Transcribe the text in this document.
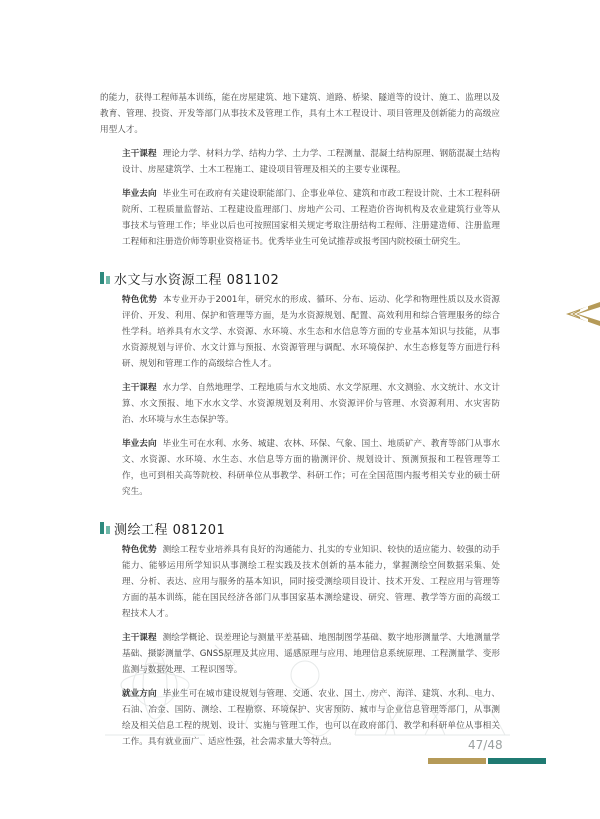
的能力，获得工程师基本训练，能在房屋建筑、地下建筑、道路、桥梁、隧道等的设计、施工、监理以及教育、管理、投资、开发等部门从事技术及管理工作，具有土木工程设计、项目管理及创新能力的高级应用型人才。

主干课程 理论力学、材料力学、结构力学、土力学、工程测量、混凝土结构原理、钢筋混凝土结构设计、房屋建筑学、土木工程施工、建设项目管理及相关的主要专业课程。

毕业去向 毕业生可在政府有关建设职能部门、企事业单位、建筑和市政工程设计院、土木工程科研院所、工程质量监督站、工程建设监理部门、房地产公司、工程造价咨询机构及农业建筑行业等从事技术与管理工作；毕业以后也可按照国家相关规定考取注册结构工程师、注册建造师、注册监理工程师和注册造价师等职业资格证书。优秀毕业生可免试推荐或报考国内院校硕士研究生。

水文与水资源工程 081102

特色优势 本专业开办于2001年，研究水的形成、循环、分布、运动、化学和物理性质以及水资源评价、开发、利用、保护和管理等方面，是为水资源规划、配置、高效利用和综合管理服务的综合性学科。培养具有水文学、水资源、水环境、水生态和水信息等方面的专业基本知识与技能，从事水资源规划与评价、水文计算与预报、水资源管理与调配、水环境保护、水生态修复等方面进行科研、规划和管理工作的高级综合性人才。

主干课程 水力学、自然地理学、工程地质与水文地质、水文学原理、水文测验、水文统计、水文计算、水文预报、地下水水文学、水资源规划及利用、水资源评价与管理、水资源利用、水灾害防治、水环境与水生态保护等。

毕业去向 毕业生可在水利、水务、城建、农林、环保、气象、国土、地质矿产、教育等部门从事水文、水资源、水环境、水生态、水信息等方面的勘测评价、规划设计、预测预报和工程管理等工作，也可到相关高等院校、科研单位从事教学、科研工作；可在全国范围内报考相关专业的硕士研究生。

测绘工程 081201

特色优势 测绘工程专业培养具有良好的沟通能力、扎实的专业知识、较快的适应能力、较强的动手能力、能够运用所学知识从事测绘工程实践及技术创新的基本能力，掌握测绘空间数据采集、处理、分析、表达、应用与服务的基本知识，同时接受测绘项目设计、技术开发、工程应用与管理等方面的基本训练，能在国民经济各部门从事国家基本测绘建设、研究、管理、教学等方面的高级工程技术人才。

主干课程 测绘学概论、误差理论与测量平差基础、地图制图学基础、数字地形测量学、大地测量学基础、摄影测量学、GNSS原理及其应用、遥感原理与应用、地理信息系统原理、工程测量学、变形监测与数据处理、工程识图等。

就业方向 毕业生可在城市建设规划与管理、交通、农业、国土、房产、海洋、建筑、水利、电力、石油、冶金、国防、测绘、工程勘察、环境保护、灾害预防、城市与企业信息管理等部门，从事测绘及相关信息工程的规划、设计、实施与管理工作，也可以在政府部门、教学和科研单位从事相关工作。具有就业面广、适应性强，社会需求量大等特点。	47/48
